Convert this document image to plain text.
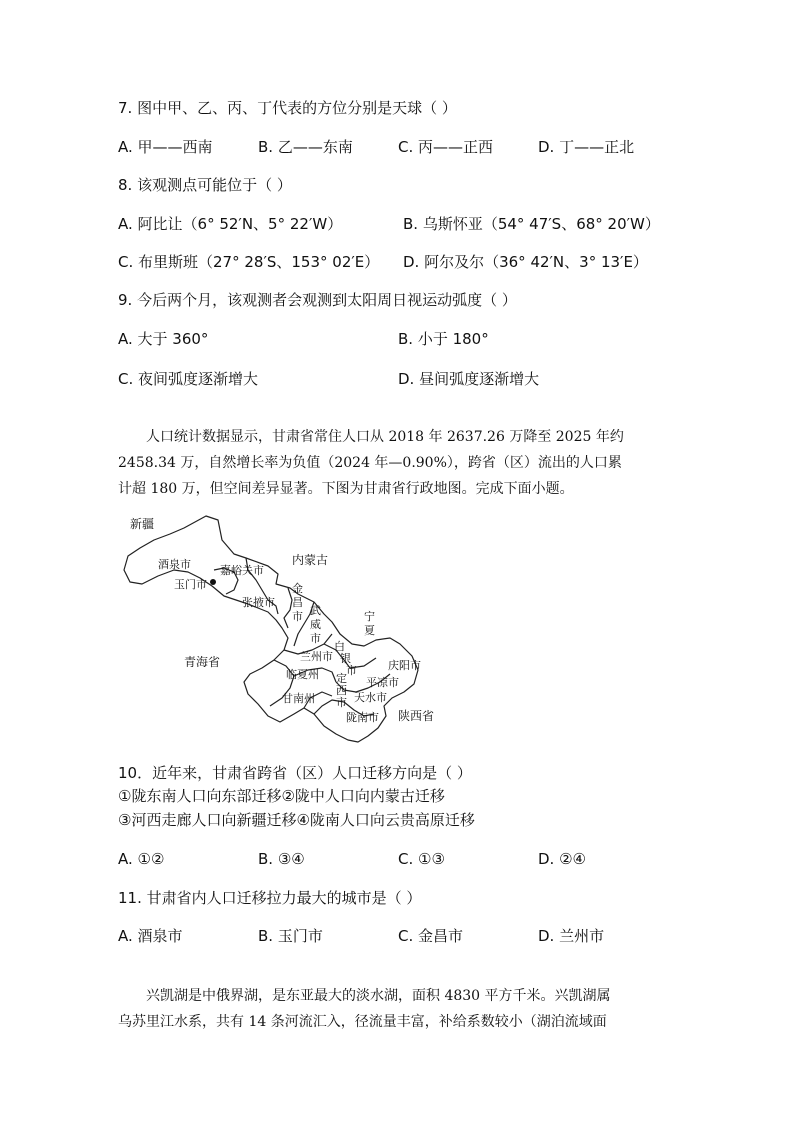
7. 图中甲、乙、丙、丁代表的方位分别是天球（ ）
A. 甲——西南	B. 乙——东南	C. 丙——正西	D. 丁——正北
8. 该观测点可能位于（ ）
A. 阿比让（6° 52′N、5° 22′W）	B. 乌斯怀亚（54° 47′S、68° 20′W）
C. 布里斯班（27° 28′S、153° 02′E） D. 阿尔及尔（36° 42′N、3° 13′E）
9. 今后两个月，该观测者会观测到太阳周日视运动弧度（ ）
A. 大于 360°	B. 小于 180°
C. 夜间弧度逐渐增大	D. 昼间弧度逐渐增大
人口统计数据显示，甘肃省常住人口从 2018 年 2637.26 万降至 2025 年约
2458.34 万，自然增长率为负值（2024 年—0.90%），跨省（区）流出的人口累
计超 180 万，但空间差异显著。下图为甘肃省行政地图。完成下面小题。
新疆
内蒙古
酒泉市	嘉峪关市
玉门市
张掖市
金
昌
市 武
威
市
宁
夏
青海省	兰州市
白
银
市	庆阳市
临夏州 定
西
市
平凉市
天水市
甘南州
陇南市 陕西省
10．近年来，甘肃省跨省（区）人口迁移方向是（ ）
①陇东南人口向东部迁移②陇中人口向内蒙古迁移
③河西走廊人口向新疆迁移④陇南人口向云贵高原迁移
A. ①②	B. ③④	C. ①③	D. ②④
11. 甘肃省内人口迁移拉力最大的城市是（ ）
A. 酒泉市	B. 玉门市	C. 金昌市	D. 兰州市
兴凯湖是中俄界湖，是东亚最大的淡水湖，面积 4830 平方千米。兴凯湖属
乌苏里江水系，共有 14 条河流汇入，径流量丰富，补给系数较小（湖泊流域面
